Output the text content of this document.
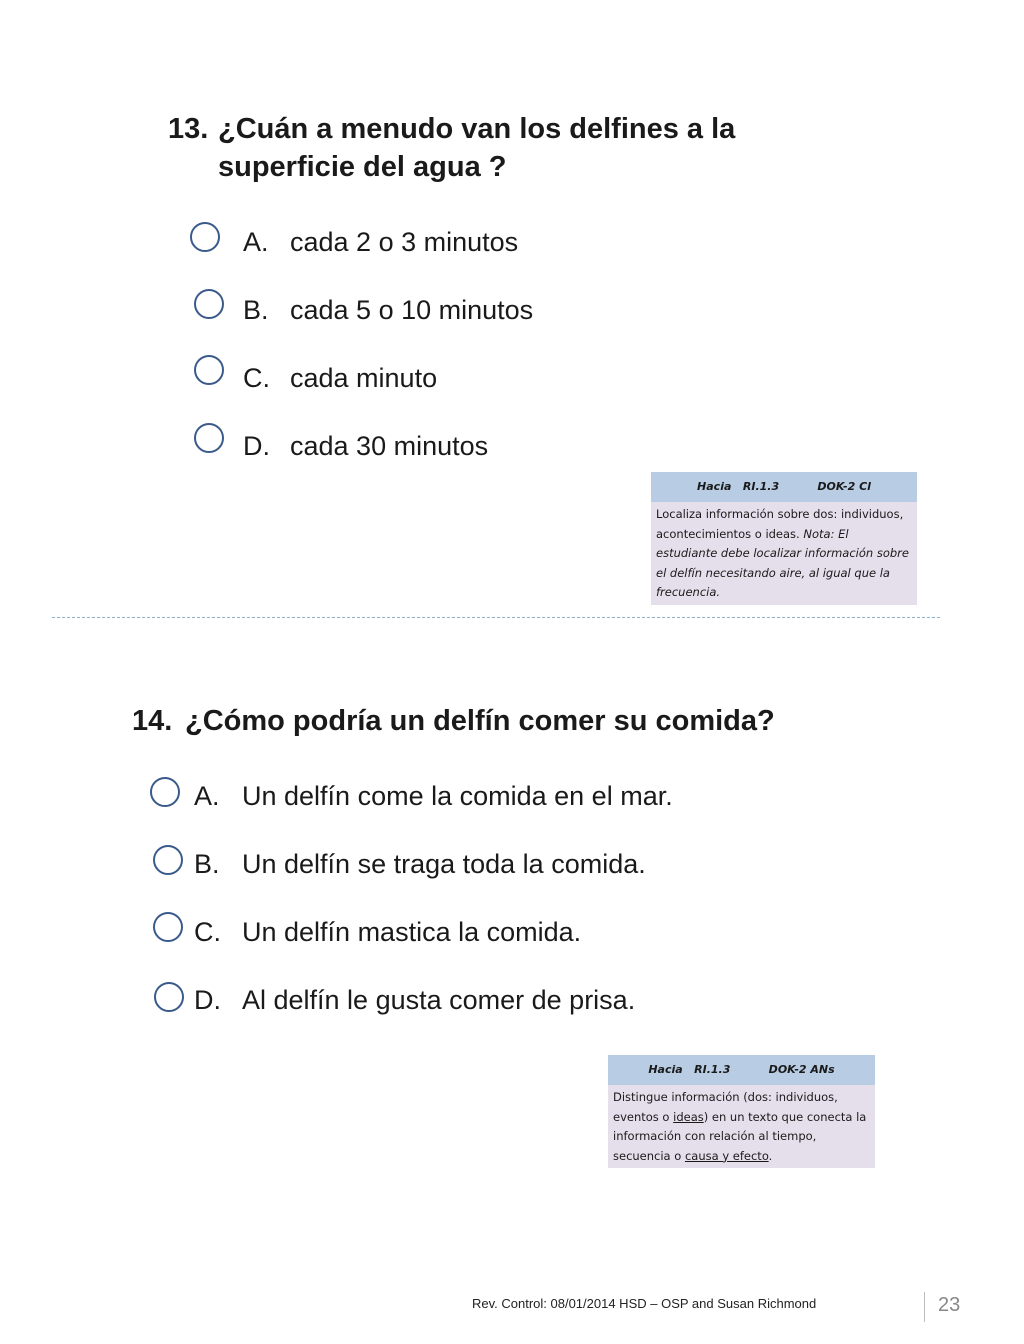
13. ¿Cuán a menudo van los delfines a la
superficie del agua ?
A. cada 2 o 3 minutos
B. cada 5 o 10 minutos
C. cada minuto
D. cada 30 minutos
Hacia   RI.1.3          DOK-2 Cl
Localiza información sobre dos: individuos,
acontecimientos o ideas. Nota: El
estudiante debe localizar información sobre
el delfín necesitando aire, al igual que la
frecuencia.
14. ¿Cómo podría un delfín comer su comida?
A. Un delfín come la comida en el mar.
B. Un delfín se traga toda la comida.
C. Un delfín mastica la comida.
D. Al delfín le gusta comer de prisa.
Hacia   RI.1.3          DOK-2 ANs
Distingue información (dos: individuos,
eventos o ideas) en un texto que conecta la
información con relación al tiempo,
secuencia o causa y efecto.
Rev. Control: 08/01/2014 HSD – OSP and Susan Richmond	23
